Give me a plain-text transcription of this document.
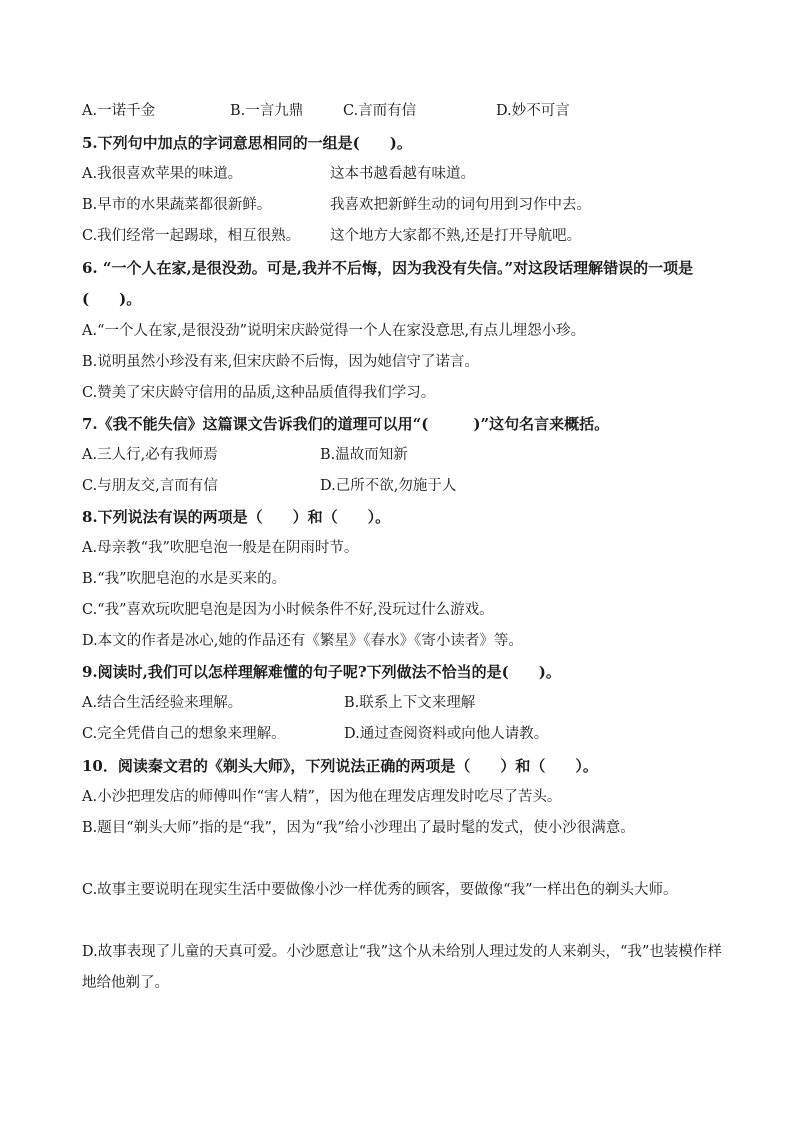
A.一诺千金	B.一言九鼎	C.言而有信	D.妙不可言
5.下列句中加点的字词意思相同的一组是(　　)。
A.我很喜欢苹果的味道。	这本书越看越有味道。
B.早市的水果蔬菜都很新鲜。	我喜欢把新鲜生动的词句用到习作中去。
C.我们经常一起踢球，相互很熟。 这个地方大家都不熟,还是打开导航吧。
6. “一个人在家,是很没劲。可是,我并不后悔，因为我没有失信。”对这段话理解错误的一项是(　　)。
A.“一个人在家,是很没劲”说明宋庆龄觉得一个人在家没意思,有点儿埋怨小珍。
B.说明虽然小珍没有来,但宋庆龄不后悔，因为她信守了诺言。
C.赞美了宋庆龄守信用的品质,这种品质值得我们学习。
7.《我不能失信》这篇课文告诉我们的道理可以用“(　　　)”这句名言来概括。
A.三人行,必有我师焉	B.温故而知新
C.与朋友交,言而有信	D.己所不欲,勿施于人
8.下列说法有误的两项是（　　）和（　　）。
A.母亲教“我”吹肥皂泡一般是在阴雨时节。
B.“我”吹肥皂泡的水是买来的。
C.“我”喜欢玩吹肥皂泡是因为小时候条件不好,没玩过什么游戏。
D.本文的作者是冰心,她的作品还有《繁星》《春水》《寄小读者》等。
9.阅读时,我们可以怎样理解难懂的句子呢?下列做法不恰当的是(　　)。
A.结合生活经验来理解。	B.联系上下文来理解
C.完全凭借自己的想象来理解。	D.通过查阅资料或向他人请教。
10．阅读秦文君的《剃头大师》，下列说法正确的两项是（　　）和（　　）。
A.小沙把理发店的师傅叫作“害人精”，因为他在理发店理发时吃尽了苦头。
B.题目“剃头大师”指的是“我”，因为“我”给小沙理出了最时髦的发式，使小沙很满意。
C.故事主要说明在现实生活中要做像小沙一样优秀的顾客，要做像“我”一样出色的剃头大师。
D.故事表现了儿童的天真可爱。小沙愿意让“我”这个从未给别人理过发的人来剃头，“我”也装模作样地给他剃了。
